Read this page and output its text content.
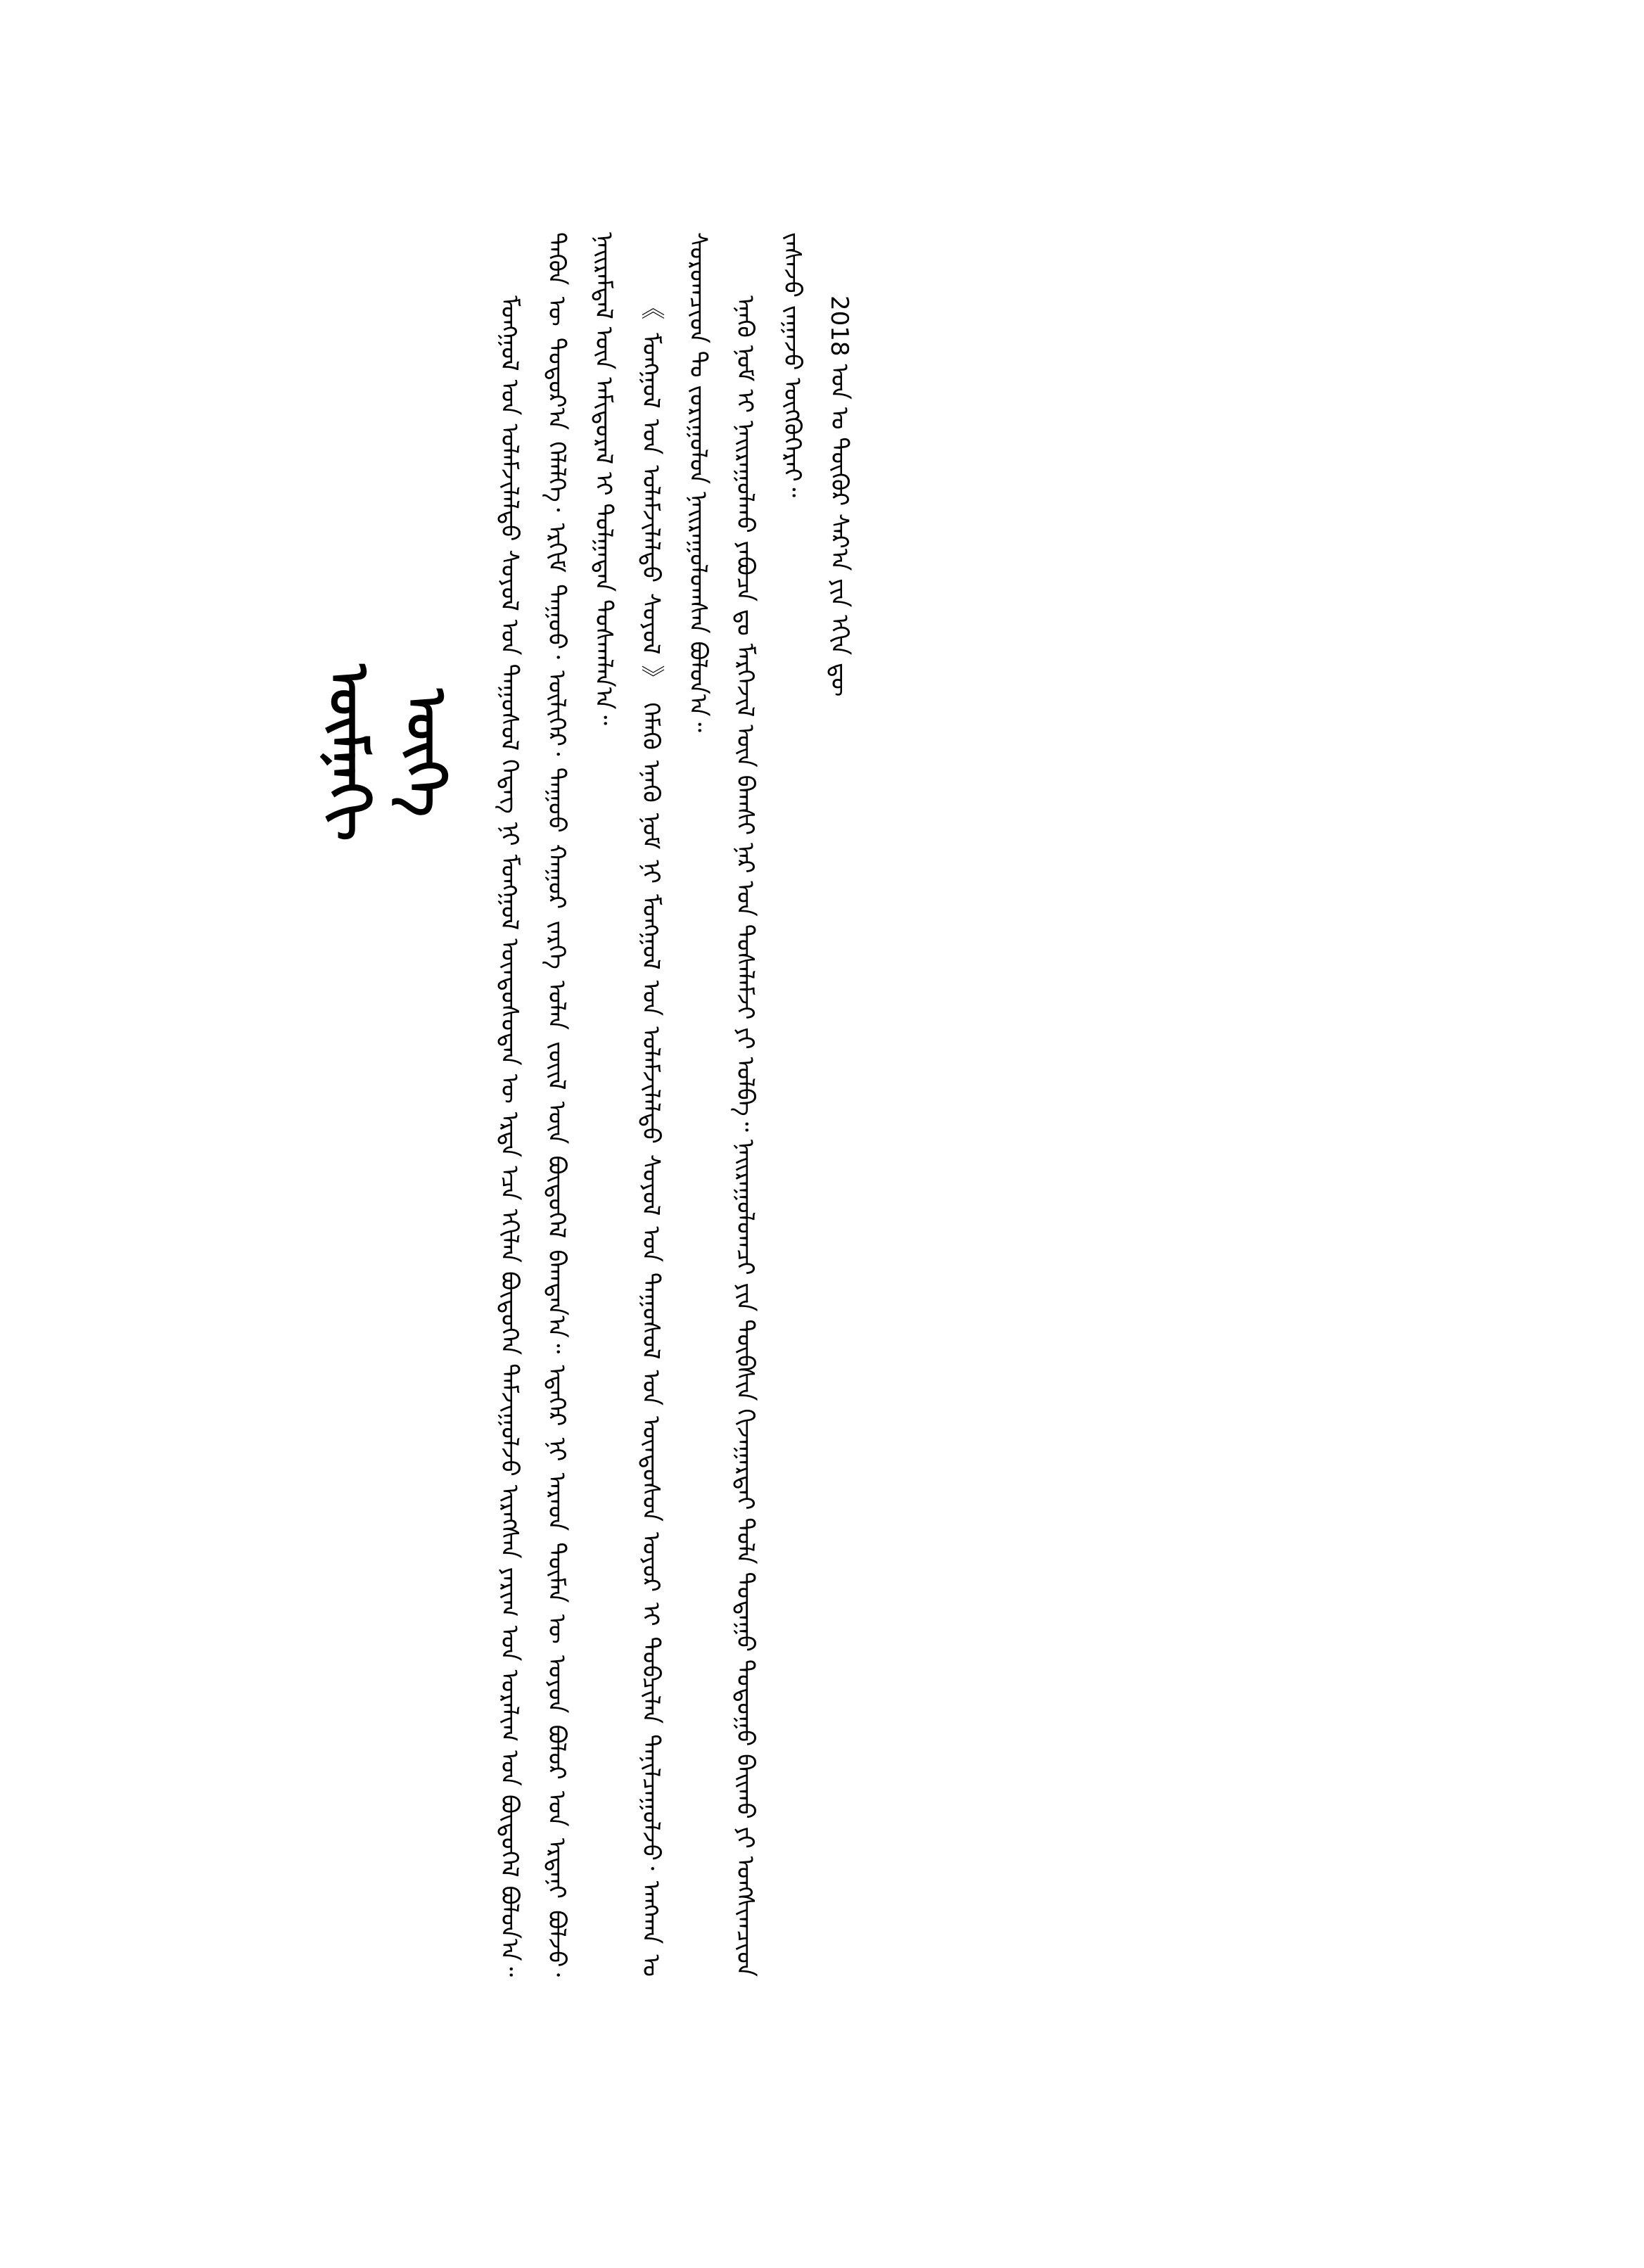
ᠦᠮᠨᠡᠬᠢ ᠦᠭᠡ	ᠮᠣᠩᠭᠣᠯ ᠤᠨ ᠤᠯᠠᠮᠵᠢᠯᠠᠯᠲᠤ ᠰᠣᠶᠣᠯ ᠤᠨ ᠲᠠᠭᠤᠰᠤᠯ ᠭᠡᠳᠡᠭ ᠨᠢ ᠮᠣᠩᠭᠣᠯ ᠦᠨᠳᠦᠰᠦᠲᠡᠨ ᠦ ᠡᠷᠲᠡ ᠡᠴᠡ ᠡᠬᠢᠯᠡᠨ ᠪᠦᠲᠦᠭᠡᠨ ᠳᠠᠮᠵᠢᠭᠤᠯᠵᠤ ᠢᠷᠡᠭᠰᠡᠨ ᠶᠠᠷᠢᠭ ᠤᠨ ᠤᠷᠠᠯᠢᠭ ᠤᠨ ᠪᠦᠲᠦᠭᠡᠯ ᠪᠣᠯᠤᠨ᠎ᠠ᠃ ᠲᠡᠭᠦᠨ ᠦ ᠳᠣᠲᠣᠷ᠎ᠠ ᠬᠡᠯᠡᠯᠭᠡ᠂ ᠡᠷᠬᠢᠮ ᠳᠠᠭᠤᠤ᠂ ᠦᠯᠢᠭᠡᠷ᠂ ᠳᠠᠭᠤᠤ ᠬᠠᠭᠤᠷ ᠵᠡᠷᠭᠡ ᠣᠯᠠᠨ ᠵᠦᠢᠯ ᠦᠨ ᠪᠦᠲᠦᠭᠡᠯ ᠪᠠᠭᠲᠠᠨ᠎ᠠ᠃ ᠡᠳᠡᠭᠡᠷ ᠨᠢ ᠠᠷᠠᠳ ᠲᠦᠮᠡᠨ ᠦ ᠤᠶᠤᠨ ᠪᠣᠯᠤᠷ ᠤᠨ ᠡᠷᠳᠡᠨᠢ ᠪᠣᠯᠵᠤ᠂ ᠨᠠᠢᠷᠠᠮᠳᠠᠯ ᠦᠨ ᠠᠮᠢᠳᠤᠷᠠᠯ ᠢ ᠲᠤᠯᠭᠠᠳᠠᠨ ᠲᠤᠰᠬᠠᠯᠠᠨ᠎ᠠ᠃ 《 ᠮᠣᠩᠭᠣᠯ ᠤᠨ ᠤᠯᠠᠮᠵᠢᠯᠠᠯᠲᠤ ᠰᠣᠶᠣᠯ 》 ᠬᠡᠮᠡᠬᠦ ᠡᠨᠡᠬᠦ ᠨᠣᠮ ᠨᠢ ᠮᠣᠩᠭᠣᠯ ᠤᠨ ᠤᠯᠠᠮᠵᠢᠯᠠᠯᠲᠤ ᠰᠣᠶᠣᠯ ᠤᠨ ᠲᠠᠭᠤᠰᠤᠯ ᠤᠨ ᠦᠨᠳᠦᠰᠦᠨ ᠤᠶᠤᠷ ᠢ ᠲᠣᠪᠴᠢᠯᠠᠨ ᠲᠠᠨᠢᠯᠴᠠᠭᠤᠯᠵᠤ᠂ ᠠᠩᠬᠠᠨ ᠤ ᠰᠤᠷᠤᠭᠴᠢᠳ ᠲᠤ ᠵᠣᠷᠢᠭᠤᠯᠤᠨ ᠨᠠᠢᠷᠠᠭᠤᠯᠤᠭᠰᠠᠨ ᠪᠣᠯᠤᠨ᠎ᠠ᠃ ᠡᠨᠡᠬᠦ ᠨᠣᠮ ᠢ ᠨᠠᠢᠷᠠᠭᠤᠯᠬᠤ ᠶᠠᠪᠤᠴᠠ ᠳᠤ ᠮᠡᠷᠭᠡᠵᠢᠯ ᠦᠨ ᠪᠠᠭᠰᠢ ᠨᠠᠷ ᠤᠨ ᠲᠤᠰᠠᠯᠠᠮᠵᠢ ᠶᠢ ᠣᠯᠪᠠ᠃ ᠨᠠᠢᠷᠠᠭᠤᠯᠤᠭᠴᠢ ᠶᠢᠨ ᠲᠦᠪᠰᠢᠨ ᠬᠢᠵᠠᠭᠠᠷᠲᠠᠢ ᠲᠤᠯᠠ ᠳᠤᠲᠠᠭᠤ ᠳᠣᠲᠣᠭᠤ ᠪᠠᠢᠬᠤ ᠶᠢ ᠤᠩᠰᠢᠭᠴᠢᠳ ᠵᠠᠰᠠᠵᠤ ᠵᠠᠭᠠᠵᠤ ᠥᠭᠭᠦᠭᠡᠷᠡᠢ᠃ 2018 ᠣᠨ ᠤ ᠳᠦᠭᠦᠷ ᠰᠠᠷ᠎ᠠ ᠶᠢᠨ ᠡᠬᠢᠨ ᠳᠦ
